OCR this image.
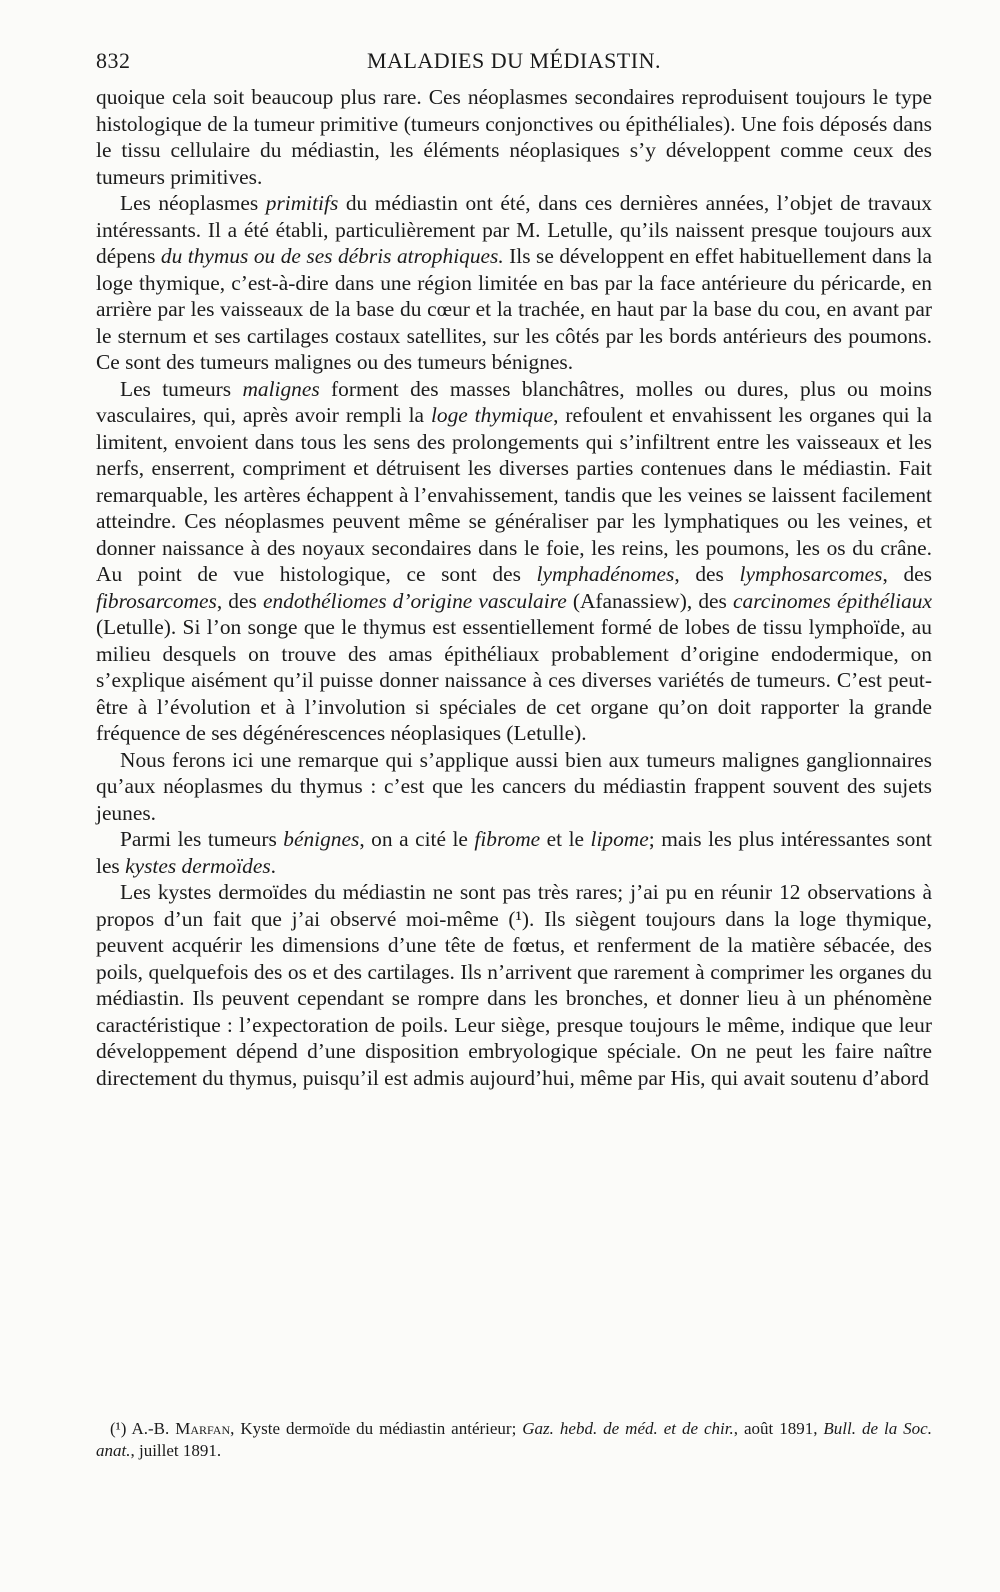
832	MALADIES DU MÉDIASTIN.

quoique cela soit beaucoup plus rare. Ces néoplasmes secondaires reproduisent toujours le type histologique de la tumeur primitive (tumeurs conjonctives ou épithéliales). Une fois déposés dans le tissu cellulaire du médiastin, les éléments néoplasiques s’y développent comme ceux des tumeurs primitives.

Les néoplasmes primitifs du médiastin ont été, dans ces dernières années, l’objet de travaux intéressants. Il a été établi, particulièrement par M. Letulle, qu’ils naissent presque toujours aux dépens du thymus ou de ses débris atrophiques. Ils se développent en effet habituellement dans la loge thymique, c’est-à-dire dans une région limitée en bas par la face antérieure du péricarde, en arrière par les vaisseaux de la base du cœur et la trachée, en haut par la base du cou, en avant par le sternum et ses cartilages costaux satellites, sur les côtés par les bords antérieurs des poumons. Ce sont des tumeurs malignes ou des tumeurs bénignes.

Les tumeurs malignes forment des masses blanchâtres, molles ou dures, plus ou moins vasculaires, qui, après avoir rempli la loge thymique, refoulent et envahissent les organes qui la limitent, envoient dans tous les sens des prolongements qui s’infiltrent entre les vaisseaux et les nerfs, enserrent, compriment et détruisent les diverses parties contenues dans le médiastin. Fait remarquable, les artères échappent à l’envahissement, tandis que les veines se laissent facilement atteindre. Ces néoplasmes peuvent même se généraliser par les lymphatiques ou les veines, et donner naissance à des noyaux secondaires dans le foie, les reins, les poumons, les os du crâne. Au point de vue histologique, ce sont des lymphadénomes, des lymphosarcomes, des fibrosarcomes, des endothéliomes d’origine vasculaire (Afanassiew), des carcinomes épithéliaux (Letulle). Si l’on songe que le thymus est essentiellement formé de lobes de tissu lymphoïde, au milieu desquels on trouve des amas épithéliaux probablement d’origine endodermique, on s’explique aisément qu’il puisse donner naissance à ces diverses variétés de tumeurs. C’est peut-être à l’évolution et à l’involution si spéciales de cet organe qu’on doit rapporter la grande fréquence de ses dégénérescences néoplasiques (Letulle).

Nous ferons ici une remarque qui s’applique aussi bien aux tumeurs malignes ganglionnaires qu’aux néoplasmes du thymus : c’est que les cancers du médiastin frappent souvent des sujets jeunes.

Parmi les tumeurs bénignes, on a cité le fibrome et le lipome; mais les plus intéressantes sont les kystes dermoïdes.

Les kystes dermoïdes du médiastin ne sont pas très rares; j’ai pu en réunir 12 observations à propos d’un fait que j’ai observé moi-même (¹). Ils siègent toujours dans la loge thymique, peuvent acquérir les dimensions d’une tête de fœtus, et renferment de la matière sébacée, des poils, quelquefois des os et des cartilages. Ils n’arrivent que rarement à comprimer les organes du médiastin. Ils peuvent cependant se rompre dans les bronches, et donner lieu à un phénomène caractéristique : l’expectoration de poils. Leur siège, presque toujours le même, indique que leur développement dépend d’une disposition embryologique spéciale. On ne peut les faire naître directement du thymus, puisqu’il est admis aujourd’hui, même par His, qui avait soutenu d’abord

(¹) A.-B. Marfan, Kyste dermoïde du médiastin antérieur; Gaz. hebd. de méd. et de chir., août 1891, Bull. de la Soc. anat., juillet 1891.
